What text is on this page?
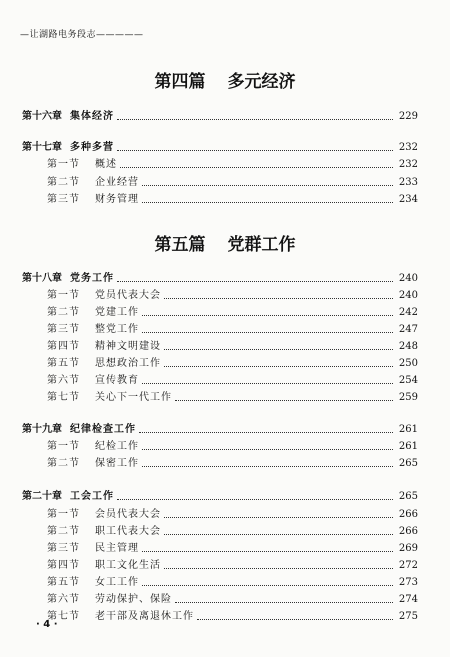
—让湖路电务段志—————
第四篇 多元经济
第十六章 集体经济	229
第十七章 多种多营	232
第一节	概述	232
第二节	企业经营	233
第三节	财务管理	234
第五篇 党群工作
第十八章 党务工作	240
第一节	党员代表大会	240
第二节	党建工作	242
第三节	整党工作	247
第四节	精神文明建设	248
第五节	思想政治工作	250
第六节	宣传教育	254
第七节	关心下一代工作	259
第十九章 纪律检查工作	261
第一节	纪检工作	261
第二节	保密工作	265
第二十章 工会工作	265
第一节	会员代表大会	266
第二节	职工代表大会	266
第三节	民主管理	269
第四节	职工文化生活	272
第五节	女工工作	273
第六节	劳动保护、保险	274
第七节	老干部及离退休工作	275
· 4 ·
